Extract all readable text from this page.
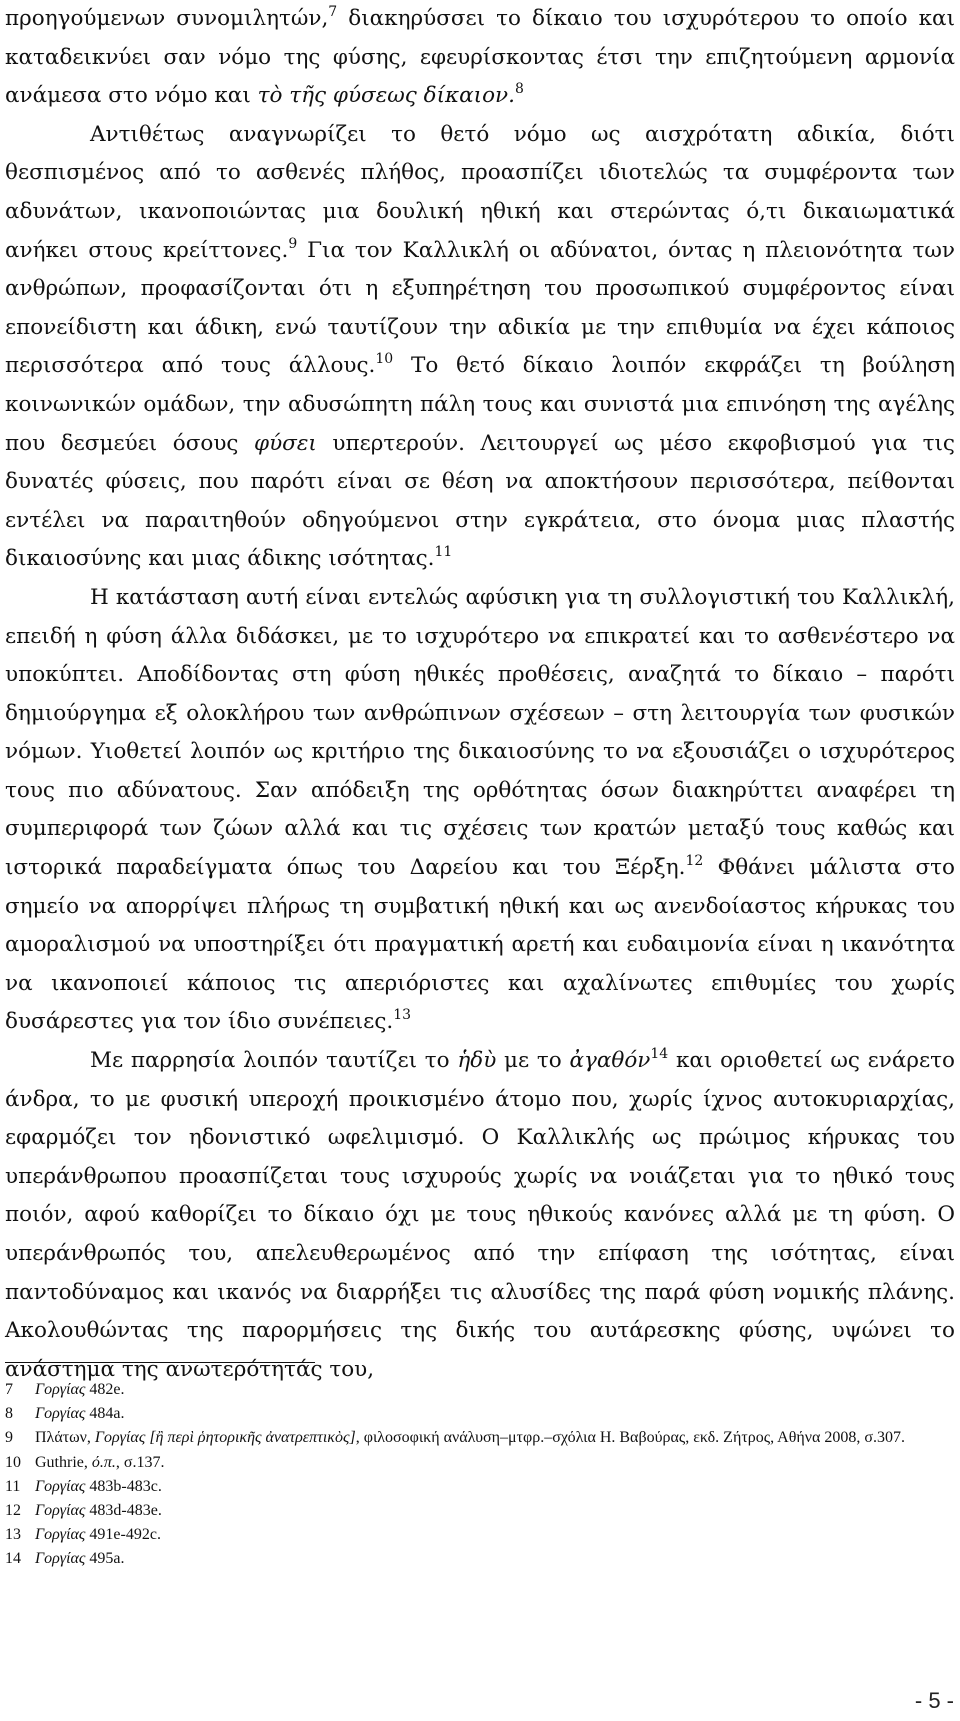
προηγούμενων συνομιλητών,$^7$ διακηρύσσει το δίκαιο του ισχυρότερου το οποίο και καταδεικνύει σαν νόμο της φύσης, εφευρίσκοντας έτσι την επιζητούμενη αρμονία ανάμεσα στο νόμο και τὸ τῆς φύσεως δίκαιον.$^8$

Αντιθέτως αναγνωρίζει το θετό νόμο ως αισχρότατη αδικία, διότι θεσπισμένος από το ασθενές πλήθος, προασπίζει ιδιοτελώς τα συμφέροντα των αδυνάτων, ικανοποιώντας μια δουλική ηθική και στερώντας ό,τι δικαιωματικά ανήκει στους κρείττονες.$^9$ Για τον Καλλικλή οι αδύνατοι, όντας η πλειονότητα των ανθρώπων, προφασίζονται ότι η εξυπηρέτηση του προσωπικού συμφέροντος είναι επονείδιστη και άδικη, ενώ ταυτίζουν την αδικία με την επιθυμία να έχει κάποιος περισσότερα από τους άλλους.$^{10}$ Το θετό δίκαιο λοιπόν εκφράζει τη βούληση κοινωνικών ομάδων, την αδυσώπητη πάλη τους και συνιστά μια επινόηση της αγέλης που δεσμεύει όσους φύσει υπερτερούν. Λειτουργεί ως μέσο εκφοβισμού για τις δυνατές φύσεις, που παρότι είναι σε θέση να αποκτήσουν περισσότερα, πείθονται εντέλει να παραιτηθούν οδηγούμενοι στην εγκράτεια, στο όνομα μιας πλαστής δικαιοσύνης και μιας άδικης ισότητας.$^{11}$

Η κατάσταση αυτή είναι εντελώς αφύσικη για τη συλλογιστική του Καλλικλή, επειδή η φύση άλλα διδάσκει, με το ισχυρότερο να επικρατεί και το ασθενέστερο να υποκύπτει. Αποδίδοντας στη φύση ηθικές προθέσεις, αναζητά το δίκαιο – παρότι δημιούργημα εξ ολοκλήρου των ανθρώπινων σχέσεων – στη λειτουργία των φυσικών νόμων. Υιοθετεί λοιπόν ως κριτήριο της δικαιοσύνης το να εξουσιάζει ο ισχυρότερος τους πιο αδύνατους. Σαν απόδειξη της ορθότητας όσων διακηρύττει αναφέρει τη συμπεριφορά των ζώων αλλά και τις σχέσεις των κρατών μεταξύ τους καθώς και ιστορικά παραδείγματα όπως του Δαρείου και του Ξέρξη.$^{12}$ Φθάνει μάλιστα στο σημείο να απορρίψει πλήρως τη συμβατική ηθική και ως ανενδοίαστος κήρυκας του αμοραλισμού να υποστηρίξει ότι πραγματική αρετή και ευδαιμονία είναι η ικανότητα να ικανοποιεί κάποιος τις απεριόριστες και αχαλίνωτες επιθυμίες του χωρίς δυσάρεστες για τον ίδιο συνέπειες.$^{13}$

Με παρρησία λοιπόν ταυτίζει το ἡδὺ με το ἀγαθόν$^{14}$ και οριοθετεί ως ενάρετο άνδρα, το με φυσική υπεροχή προικισμένο άτομο που, χωρίς ίχνος αυτοκυριαρχίας, εφαρμόζει τον ηδονιστικό ωφελιμισμό. Ο Καλλικλής ως πρώιμος κήρυκας του υπεράνθρωπου προασπίζεται τους ισχυρούς χωρίς να νοιάζεται για το ηθικό τους ποιόν, αφού καθορίζει το δίκαιο όχι με τους ηθικούς κανόνες αλλά με τη φύση. Ο υπεράνθρωπός του, απελευθερωμένος από την επίφαση της ισότητας, είναι παντοδύναμος και ικανός να διαρρήξει τις αλυσίδες της παρά φύση νομικής πλάνης. Ακολουθώντας της παρορμήσεις της δικής του αυτάρεσκης φύσης, υψώνει το ανάστημα της ανωτερότητάς του,

7 Γοργίας 482e.
8 Γοργίας 484a.
9 Πλάτων, Γοργίας [ἢ περὶ ῥητορικῆς ἀνατρεπτικὸς], φιλοσοφική ανάλυση–μτφρ.–σχόλια Η. Βαβούρας, εκδ. Ζήτρος, Αθήνα 2008, σ.307.
10 Guthrie, ό.π., σ.137.
11 Γοργίας 483b-483c.
12 Γοργίας 483d-483e.
13 Γοργίας 491e-492c.
14 Γοργίας 495a.
- 5 -
